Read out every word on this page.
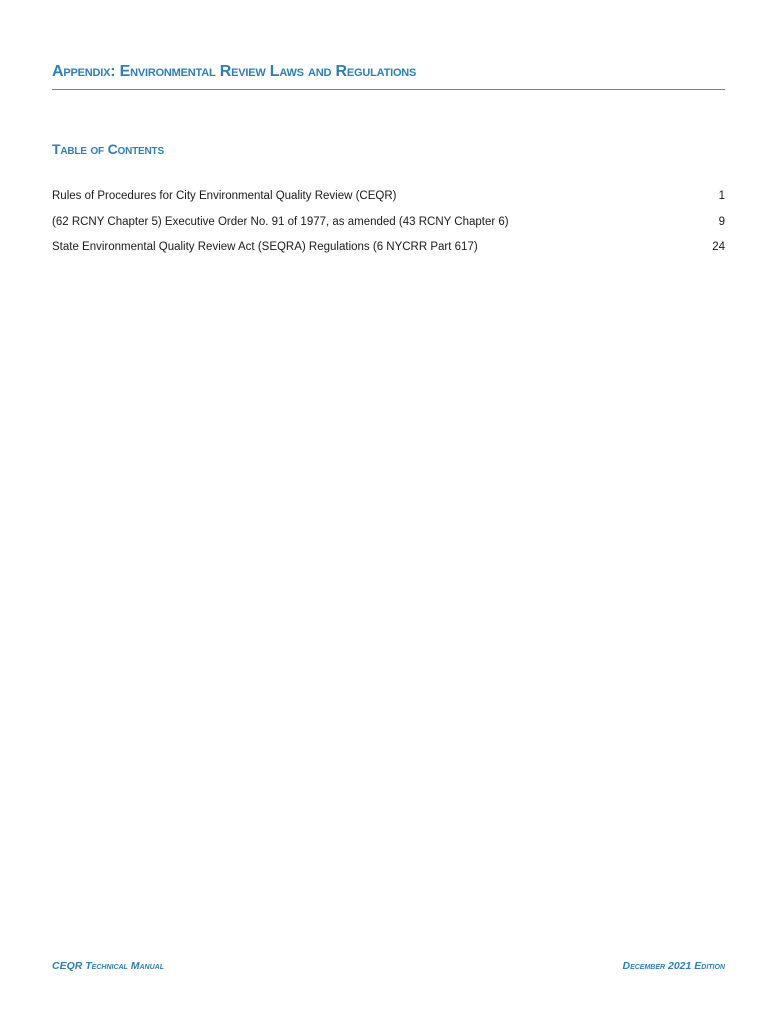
Appendix: Environmental Review Laws and Regulations
Table of Contents
Rules of Procedures for City Environmental Quality Review (CEQR)	1
(62 RCNY Chapter 5) Executive Order No. 91 of 1977, as amended (43 RCNY Chapter 6)	9
State Environmental Quality Review Act (SEQRA) Regulations (6 NYCRR Part 617)	24
CEQR Technical Manual	December 2021 Edition
